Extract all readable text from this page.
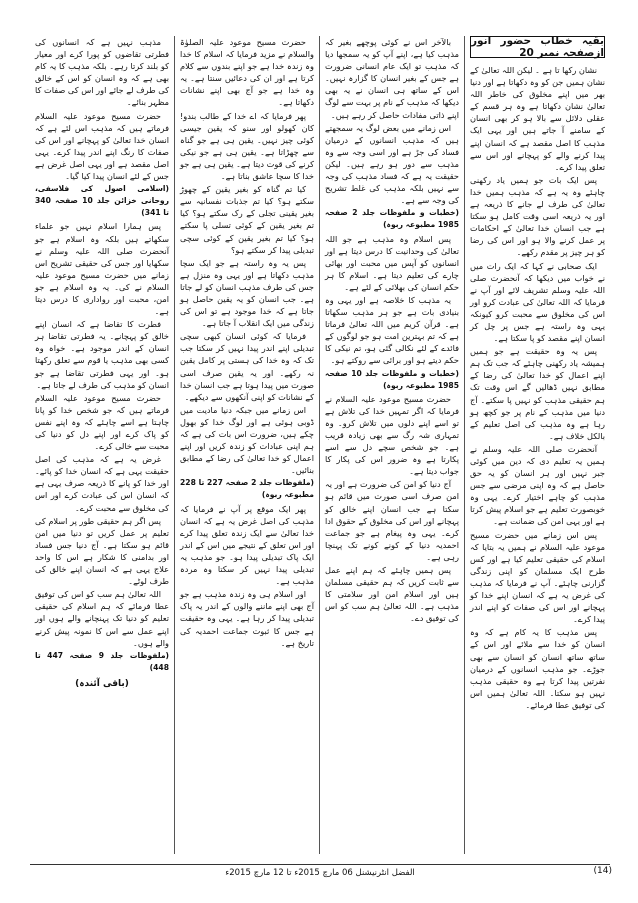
بقیہ خطاب حضور انور ازصفحہ نمبر 20

نشان رکھا تا ہے ۔ لیکن اللہ تعالیٰ کے نشان ہمیں جن کو وہ دکھاتا ہے اور دنیا بھر میں اپنے مخلوق کی خاطر اللہ تعالیٰ نشان دکھاتا ہے وہ ہر قسم کے عقلی دلائل سے بالا ہو کر بھی انسان کے سامنے آ جاتے ہیں اور یہی ایک مذہب کا اصل مقصد ہے کہ انسان اپنے پیدا کرنے والے کو پہچانے اور اس سے تعلق پیدا کرے۔

پس ایک بات جو ہمیں یاد رکھنی چاہئے وہ یہ ہے کہ مذہب ہمیں خدا تعالیٰ کی طرف لے جانے کا ذریعہ ہے اور یہ ذریعہ اسی وقت کامل ہو سکتا ہے جب انسان خدا تعالیٰ کے احکامات پر عمل کرنے والا ہو اور اس کی رضا کو ہر چیز پر مقدم رکھے۔

ایک صحابی نے کہا کہ ایک رات میں نے خواب میں دیکھا کہ آنحضرت صلی اللہ علیہ وسلم تشریف لائے اور آپ نے فرمایا کہ اللہ تعالیٰ کی عبادت کرو اور اس کی مخلوق سے محبت کرو کیونکہ یہی وہ راستہ ہے جس پر چل کر انسان اپنے مقصد کو پا سکتا ہے۔

پس یہ وہ حقیقت ہے جو ہمیں ہمیشہ یاد رکھنی چاہئے کہ جب تک ہم اپنے اعمال کو خدا تعالیٰ کی رضا کے مطابق نہیں ڈھالیں گے اس وقت تک ہم حقیقی مذہب کو نہیں پا سکتے۔ آج دنیا میں مذہب کے نام پر جو کچھ ہو رہا ہے وہ مذہب کی اصل تعلیم کے بالکل خلاف ہے۔

آنحضرت صلی اللہ علیہ وسلم نے ہمیں یہ تعلیم دی کہ دین میں کوئی جبر نہیں اور ہر انسان کو یہ حق حاصل ہے کہ وہ اپنی مرضی سے جس مذہب کو چاہے اختیار کرے۔ یہی وہ خوبصورت تعلیم ہے جو اسلام پیش کرتا ہے اور یہی امن کی ضمانت ہے۔

پس اس زمانے میں حضرت مسیح موعود علیہ السلام نے ہمیں یہ بتایا کہ اسلام کی حقیقی تعلیم کیا ہے اور کس طرح ایک مسلمان کو اپنی زندگی گزارنی چاہئے۔ آپ نے فرمایا کہ مذہب کی غرض یہ ہے کہ انسان اپنے خدا کو پہچانے اور اس کی صفات کو اپنے اندر پیدا کرے۔

پس مذہب کا یہ کام ہے کہ وہ انسان کو خدا سے ملائے اور اس کے ساتھ ساتھ انسان کو انسان سے بھی جوڑے۔ جو مذہب انسانوں کے درمیان نفرتیں پیدا کرتا ہے وہ حقیقی مذہب نہیں ہو سکتا۔ اللہ تعالیٰ ہمیں اس کی توفیق عطا فرمائے۔

بالآخر اس نے کوئی پوچھے بغیر کہ مذہب کیا ہے، اپنے آپ کو یہ سمجھا دیا کہ مذہب تو ایک عام انسانی ضرورت ہے جس کے بغیر انسان کا گزارہ نہیں۔ اس کے ساتھ ہی انسان نے یہ بھی دیکھا کہ مذہب کے نام پر بہت سے لوگ اپنے ذاتی مفادات حاصل کر رہے ہیں۔

اس زمانے میں بعض لوگ یہ سمجھتے ہیں کہ مذہب انسانوں کے درمیان فساد کی جڑ ہے اور اسی وجہ سے وہ مذہب سے دور ہو رہے ہیں۔ لیکن حقیقت یہ ہے کہ فساد مذہب کی وجہ سے نہیں بلکہ مذہب کی غلط تشریح کی وجہ سے ہے۔

(خطبات و ملفوظات جلد 2 صفحہ 1985 مطبوعہ ربوہ)

پس اسلام وہ مذہب ہے جو اللہ تعالیٰ کی وحدانیت کا درس دیتا ہے اور انسانوں کو آپس میں محبت اور بھائی چارے کی تعلیم دیتا ہے۔ اسلام کا ہر حکم انسان کی بھلائی کے لئے ہے۔

یہ مذہب کا خلاصہ ہے اور یہی وہ بنیادی بات ہے جو ہر مذہب سکھاتا ہے۔ قرآن کریم میں اللہ تعالیٰ فرماتا ہے کہ تم بہترین امت ہو جو لوگوں کے فائدے کے لئے نکالی گئی ہو، تم نیکی کا حکم دیتے ہو اور برائی سے روکتے ہو۔

(خطبات و ملفوظات جلد 10 صفحہ 1985 مطبوعہ ربوہ)

حضرت مسیح موعود علیہ السلام نے فرمایا کہ اگر تمہیں خدا کی تلاش ہے تو اسے اپنے دلوں میں تلاش کرو۔ وہ تمہاری شہ رگ سے بھی زیادہ قریب ہے۔ جو شخص سچے دل سے اسے پکارتا ہے وہ ضرور اس کی پکار کا جواب دیتا ہے۔

آج دنیا کو امن کی ضرورت ہے اور یہ امن صرف اسی صورت میں قائم ہو سکتا ہے جب انسان اپنے خالق کو پہچانے اور اس کی مخلوق کے حقوق ادا کرے۔ یہی وہ پیغام ہے جو جماعت احمدیہ دنیا کے کونے کونے تک پہنچا رہی ہے۔

پس ہمیں چاہئے کہ ہم اپنے عمل سے ثابت کریں کہ ہم حقیقی مسلمان ہیں اور اسلام امن اور سلامتی کا مذہب ہے۔ اللہ تعالیٰ ہم سب کو اس کی توفیق دے۔

حضرت مسیح موعود علیہ الصلوٰۃ والسلام نے مزید فرمایا کہ اسلام کا خدا وہ زندہ خدا ہے جو اپنے بندوں سے کلام کرتا ہے اور ان کی دعائیں سنتا ہے۔ یہ وہ خدا ہے جو آج بھی اپنے نشانات دکھاتا ہے۔

پھر فرمایا کہ اے خدا کے طالب بندو! کان کھولو اور سنو کہ یقین جیسی کوئی چیز نہیں۔ یقین ہی ہے جو گناہ سے چھڑاتا ہے۔ یقین ہی ہے جو نیکی کرنے کی قوت دیتا ہے۔ یقین ہی ہے جو خدا کا سچا عاشق بناتا ہے۔

کیا تم گناہ کو بغیر یقین کے چھوڑ سکتے ہو؟ کیا تم جذبات نفسانیہ سے بغیر یقینی تجلی کے رک سکتے ہو؟ کیا تم بغیر یقین کے کوئی تسلی پا سکتے ہو؟ کیا تم بغیر یقین کے کوئی سچی تبدیلی پیدا کر سکتے ہو؟

پس یہ وہ راستہ ہے جو ایک سچا مذہب دکھاتا ہے اور یہی وہ منزل ہے جس کی طرف مذہب انسان کو لے جاتا ہے۔ جب انسان کو یہ یقین حاصل ہو جاتا ہے کہ خدا موجود ہے تو اس کی زندگی میں ایک انقلاب آ جاتا ہے۔

فرمایا کہ کوئی انسان کبھی سچی تبدیلی اپنے اندر پیدا نہیں کر سکتا جب تک کہ وہ خدا کی ہستی پر کامل یقین نہ رکھے۔ اور یہ یقین صرف اسی صورت میں پیدا ہوتا ہے جب انسان خدا کے نشانات کو اپنی آنکھوں سے دیکھے۔

اس زمانے میں جبکہ دنیا مادیت میں ڈوبی ہوئی ہے اور لوگ خدا کو بھول چکے ہیں، ضرورت اس بات کی ہے کہ ہم اپنی عبادات کو زندہ کریں اور اپنے اعمال کو خدا تعالیٰ کی رضا کے مطابق بنائیں۔

(ملفوظات جلد 2 صفحہ 227 تا 228 مطبوعہ ربوہ)

پھر ایک موقع پر آپ نے فرمایا کہ مذہب کی اصل غرض یہ ہے کہ انسان خدا تعالیٰ سے ایک زندہ تعلق پیدا کرے اور اس تعلق کے نتیجے میں اس کے اندر ایک پاک تبدیلی پیدا ہو۔ جو مذہب یہ تبدیلی پیدا نہیں کر سکتا وہ مردہ مذہب ہے۔

اور اسلام ہی وہ زندہ مذہب ہے جو آج بھی اپنے ماننے والوں کے اندر یہ پاک تبدیلی پیدا کر رہا ہے۔ یہی وہ حقیقت ہے جس کا ثبوت جماعت احمدیہ کی تاریخ ہے۔

مذہب نہیں ہے کہ انسانوں کی فطرتی تقاضوں کو پورا کرے اور معیار کو بلند کرتا رہے۔ بلکہ مذہب کا یہ کام بھی ہے کہ وہ انسان کو اس کے خالق کی طرف لے جائے اور اس کی صفات کا مظہر بنائے۔

حضرت مسیح موعود علیہ السلام فرماتے ہیں کہ مذہب اس لئے ہے کہ انسان خدا تعالیٰ کو پہچانے اور اس کی صفات کا رنگ اپنے اندر پیدا کرے۔ یہی اصل مقصد ہے اور یہی اصل غرض ہے جس کے لئے انسان پیدا کیا گیا۔

(اسلامی اصول کی فلاسفی، روحانی خزائن جلد 10 صفحہ 340 تا 341)

پس ہمارا اسلام نہیں جو علماء سکھاتے ہیں بلکہ وہ اسلام ہے جو آنحضرت صلی اللہ علیہ وسلم نے سکھایا اور جس کی حقیقی تشریح اس زمانے میں حضرت مسیح موعود علیہ السلام نے کی۔ یہ وہ اسلام ہے جو امن، محبت اور رواداری کا درس دیتا ہے۔

فطرت کا تقاضا ہے کہ انسان اپنے خالق کو پہچانے۔ یہ فطرتی تقاضا ہر انسان کے اندر موجود ہے۔ خواہ وہ کسی بھی مذہب یا قوم سے تعلق رکھتا ہو۔ اور یہی فطرتی تقاضا ہے جو انسان کو مذہب کی طرف لے جاتا ہے۔

حضرت مسیح موعود علیہ السلام فرماتے ہیں کہ جو شخص خدا کو پانا چاہتا ہے اسے چاہئے کہ وہ اپنے نفس کو پاک کرے اور اپنے دل کو دنیا کی محبت سے خالی کرے۔

غرض یہ ہے کہ مذہب کی اصل حقیقت یہی ہے کہ انسان خدا کو پائے۔ اور خدا کو پانے کا ذریعہ صرف یہی ہے کہ انسان اس کی عبادت کرے اور اس کی مخلوق سے محبت کرے۔

پس اگر ہم حقیقی طور پر اسلام کی تعلیم پر عمل کریں تو دنیا میں امن قائم ہو سکتا ہے۔ آج دنیا جس فساد اور بدامنی کا شکار ہے اس کا واحد علاج یہی ہے کہ انسان اپنے خالق کی طرف لوٹے۔

اللہ تعالیٰ ہم سب کو اس کی توفیق عطا فرمائے کہ ہم اسلام کی حقیقی تعلیم کو دنیا تک پہنچانے والے ہوں اور اپنے عمل سے اس کا نمونہ پیش کرنے والے ہوں۔

(ملفوظات جلد 9 صفحہ 447 تا 448)

(باقی آئندہ)
الفضل انٹرنیشنل 06 مارچ 2015ء تا 12 مارچ 2015ء	(14)
